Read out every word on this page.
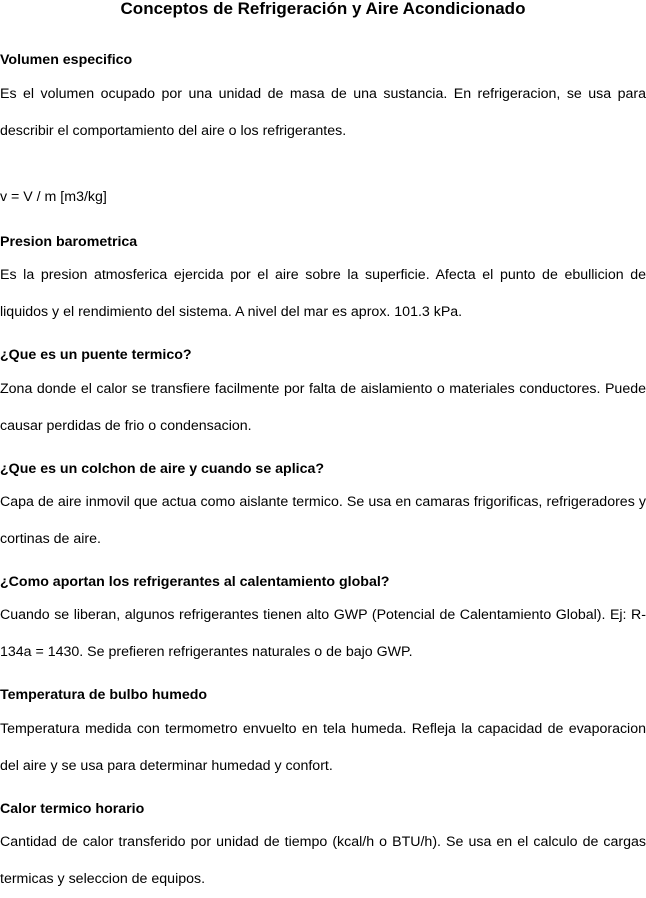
Conceptos de Refrigeración y Aire Acondicionado
Volumen especifico
Es el volumen ocupado por una unidad de masa de una sustancia. En refrigeracion, se usa para describir el comportamiento del aire o los refrigerantes.
v = V / m [m3/kg]
Presion barometrica
Es la presion atmosferica ejercida por el aire sobre la superficie. Afecta el punto de ebullicion de liquidos y el rendimiento del sistema. A nivel del mar es aprox. 101.3 kPa.
¿Que es un puente termico?
Zona donde el calor se transfiere facilmente por falta de aislamiento o materiales conductores. Puede causar perdidas de frio o condensacion.
¿Que es un colchon de aire y cuando se aplica?
Capa de aire inmovil que actua como aislante termico. Se usa en camaras frigorificas, refrigeradores y cortinas de aire.
¿Como aportan los refrigerantes al calentamiento global?
Cuando se liberan, algunos refrigerantes tienen alto GWP (Potencial de Calentamiento Global). Ej: R-134a = 1430. Se prefieren refrigerantes naturales o de bajo GWP.
Temperatura de bulbo humedo
Temperatura medida con termometro envuelto en tela humeda. Refleja la capacidad de evaporacion del aire y se usa para determinar humedad y confort.
Calor termico horario
Cantidad de calor transferido por unidad de tiempo (kcal/h o BTU/h). Se usa en el calculo de cargas termicas y seleccion de equipos.
